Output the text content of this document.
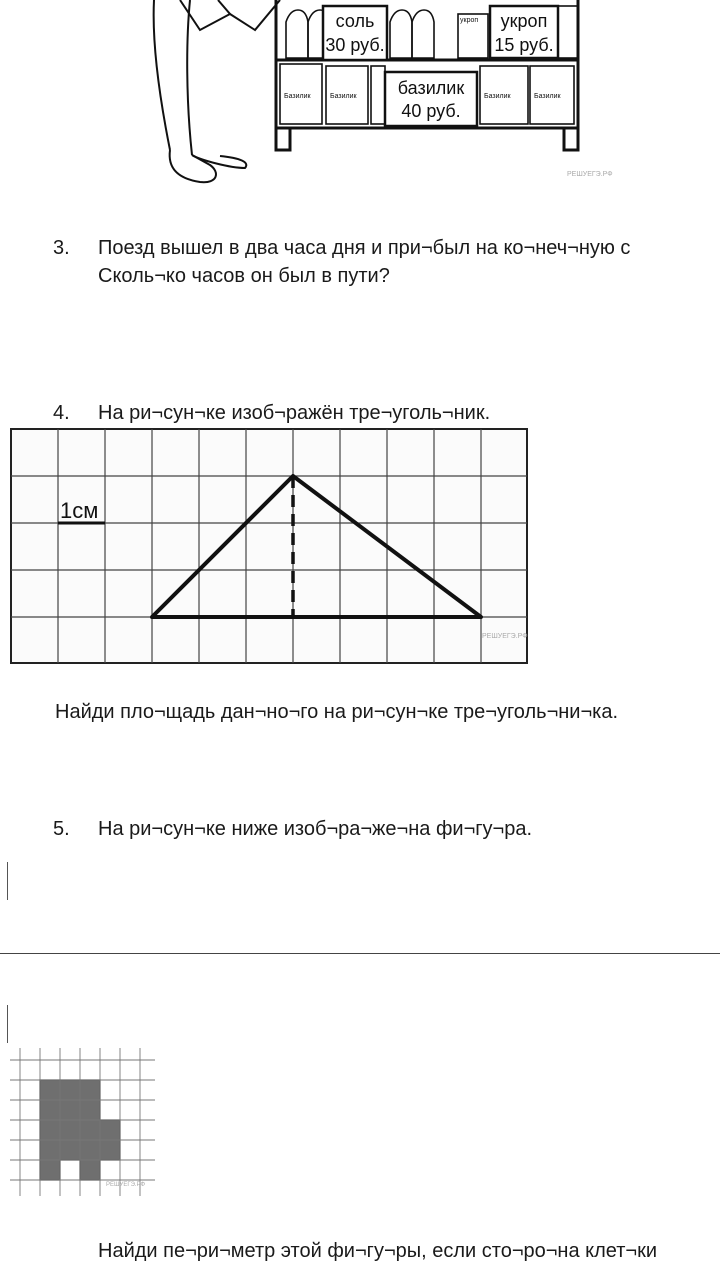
Базилик	Базилик	Базилик	Базилик
укроп
соль
30 руб.
укроп
15 руб.
базилик
40 руб.
РЕШУЕГЭ.РФ
3.	Поезд вышел в два часа дня и при¬был на ко¬неч¬ную с
Сколь¬ко часов он был в пути?
4.	На ри¬сун¬ке изоб¬ражён тре¬уголь¬ник.
1см
РЕШУЕГЭ.РФ
Найди пло¬щадь дан¬но¬го на ри¬сун¬ке тре¬уголь¬ни¬ка.
5.	На ри¬сун¬ке ниже изоб¬ра¬же¬на фи¬гу¬ра.
РЕШУЕГЭ.РФ
Найди пе¬ри¬метр этой фи¬гу¬ры, если сто¬ро¬на клет¬ки
